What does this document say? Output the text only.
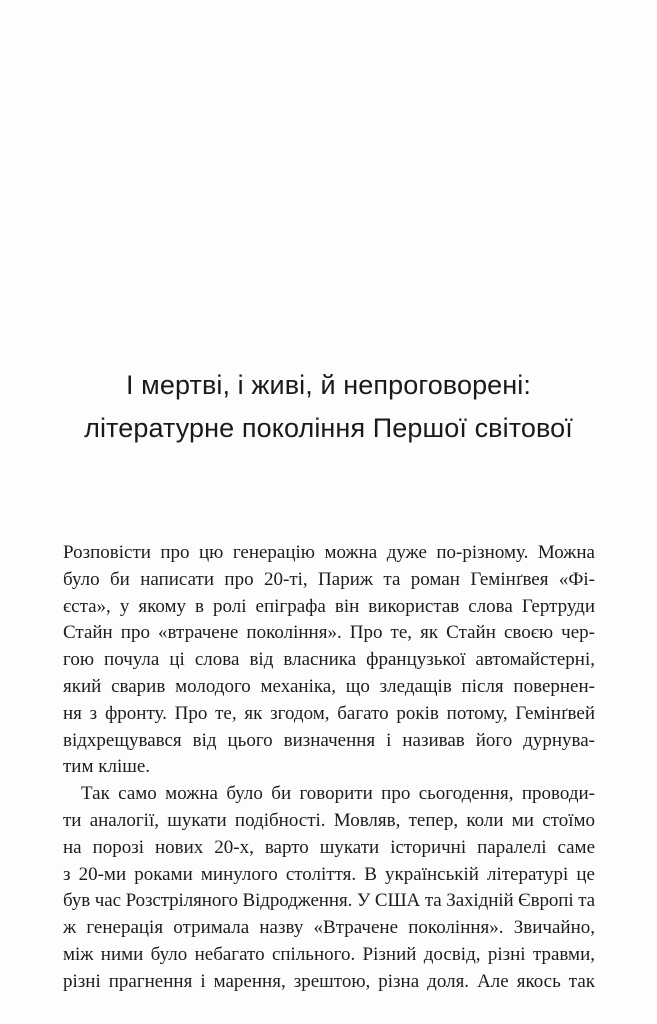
І мертві, і живі, й непроговорені:
літературне покоління Першої світової
Розповісти про цю генерацію можна дуже по-різному. Можна
було би написати про 20-ті, Париж та роман Гемінґвея «Фі-
єста», у якому в ролі епіграфа він використав слова Гертруди
Стайн про «втрачене покоління». Про те, як Стайн своєю чер-
гою почула ці слова від власника французької автомайстерні,
який сварив молодого механіка, що зледащів після повернен-
ня з фронту. Про те, як згодом, багато років потому, Гемінґвей
відхрещувався від цього визначення і називав його дурнува-
тим кліше.
Так само можна було би говорити про сьогодення, проводи-
ти аналогії, шукати подібності. Мовляв, тепер, коли ми стоїмо
на порозі нових 20-х, варто шукати історичні паралелі саме
з 20-ми роками минулого століття. В українській літературі це
був час Розстріляного Відродження. У США та Західній Європі та
ж генерація отримала назву «Втрачене покоління». Звичайно,
між ними було небагато спільного. Різний досвід, різні травми,
різні прагнення і марення, зрештою, різна доля. Але якось так
